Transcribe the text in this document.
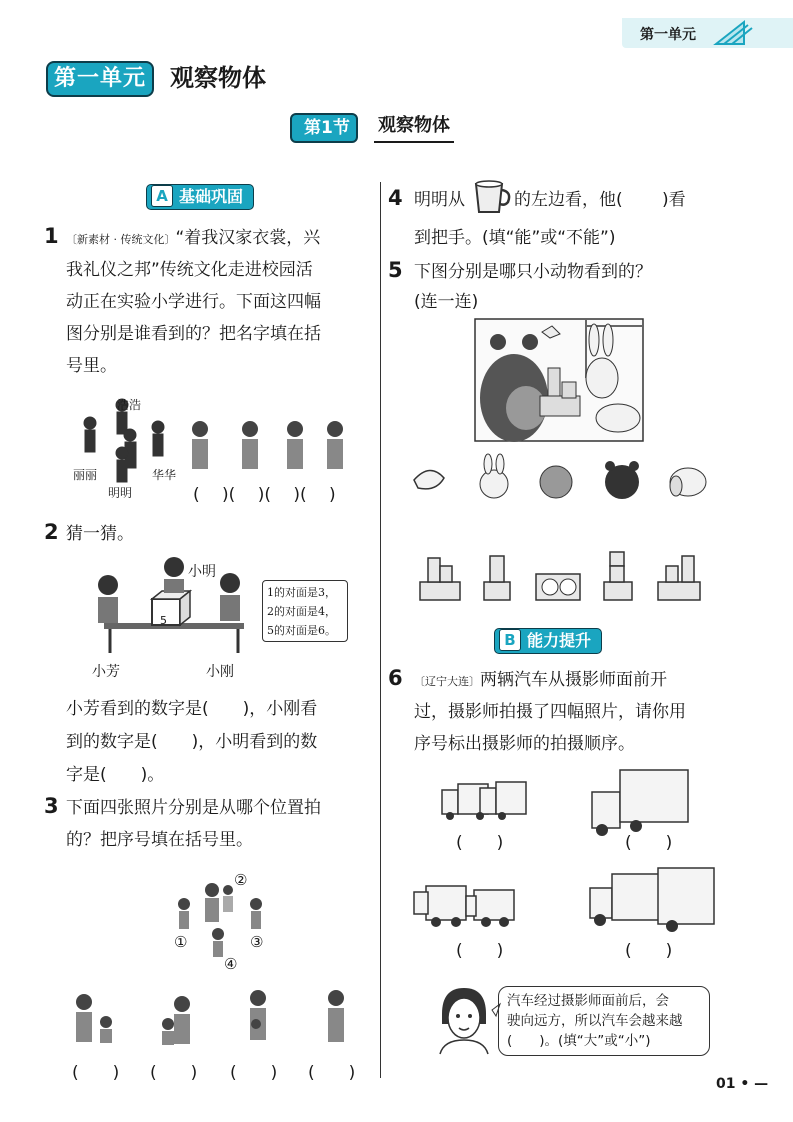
第一单元
第一单元 观察物体
第1节	观察物体
A 基础巩固
1 〔新素材 · 传统文化〕“着我汉家衣裳，兴
我礼仪之邦”传统文化走进校园活
动正在实验小学进行。下面这四幅
图分别是谁看到的？把名字填在括
号里。
浩浩
丽丽	华华
明明	(　 )(　 )(　 )(　 )
2 猜一猜。
5
小明
小芳	小刚
1的对面是3，
2的对面是4，
5的对面是6。
小芳看到的数字是(　　)，小刚看
到的数字是(　　)，小明看到的数
字是(　　)。
3 下面四张照片分别是从哪个位置拍
的？把序号填在括号里。
②
①	③
④
(　　) (　　) (　　) (　　)
4 明明从	的左边看，他(　　 )看
到把手。(填“能”或“不能”)
5 下图分别是哪只小动物看到的？
(连一连)
B 能力提升
6 〔辽宁大连〕两辆汽车从摄影师面前开
过，摄影师拍摄了四幅照片，请你用
序号标出摄影师的拍摄顺序。
(　　)	(　　)
(　　)	(　　)
汽车经过摄影师面前后，会
驶向远方，所以汽车会越来越
(　　)。(填“大”或“小”)
01 • —
